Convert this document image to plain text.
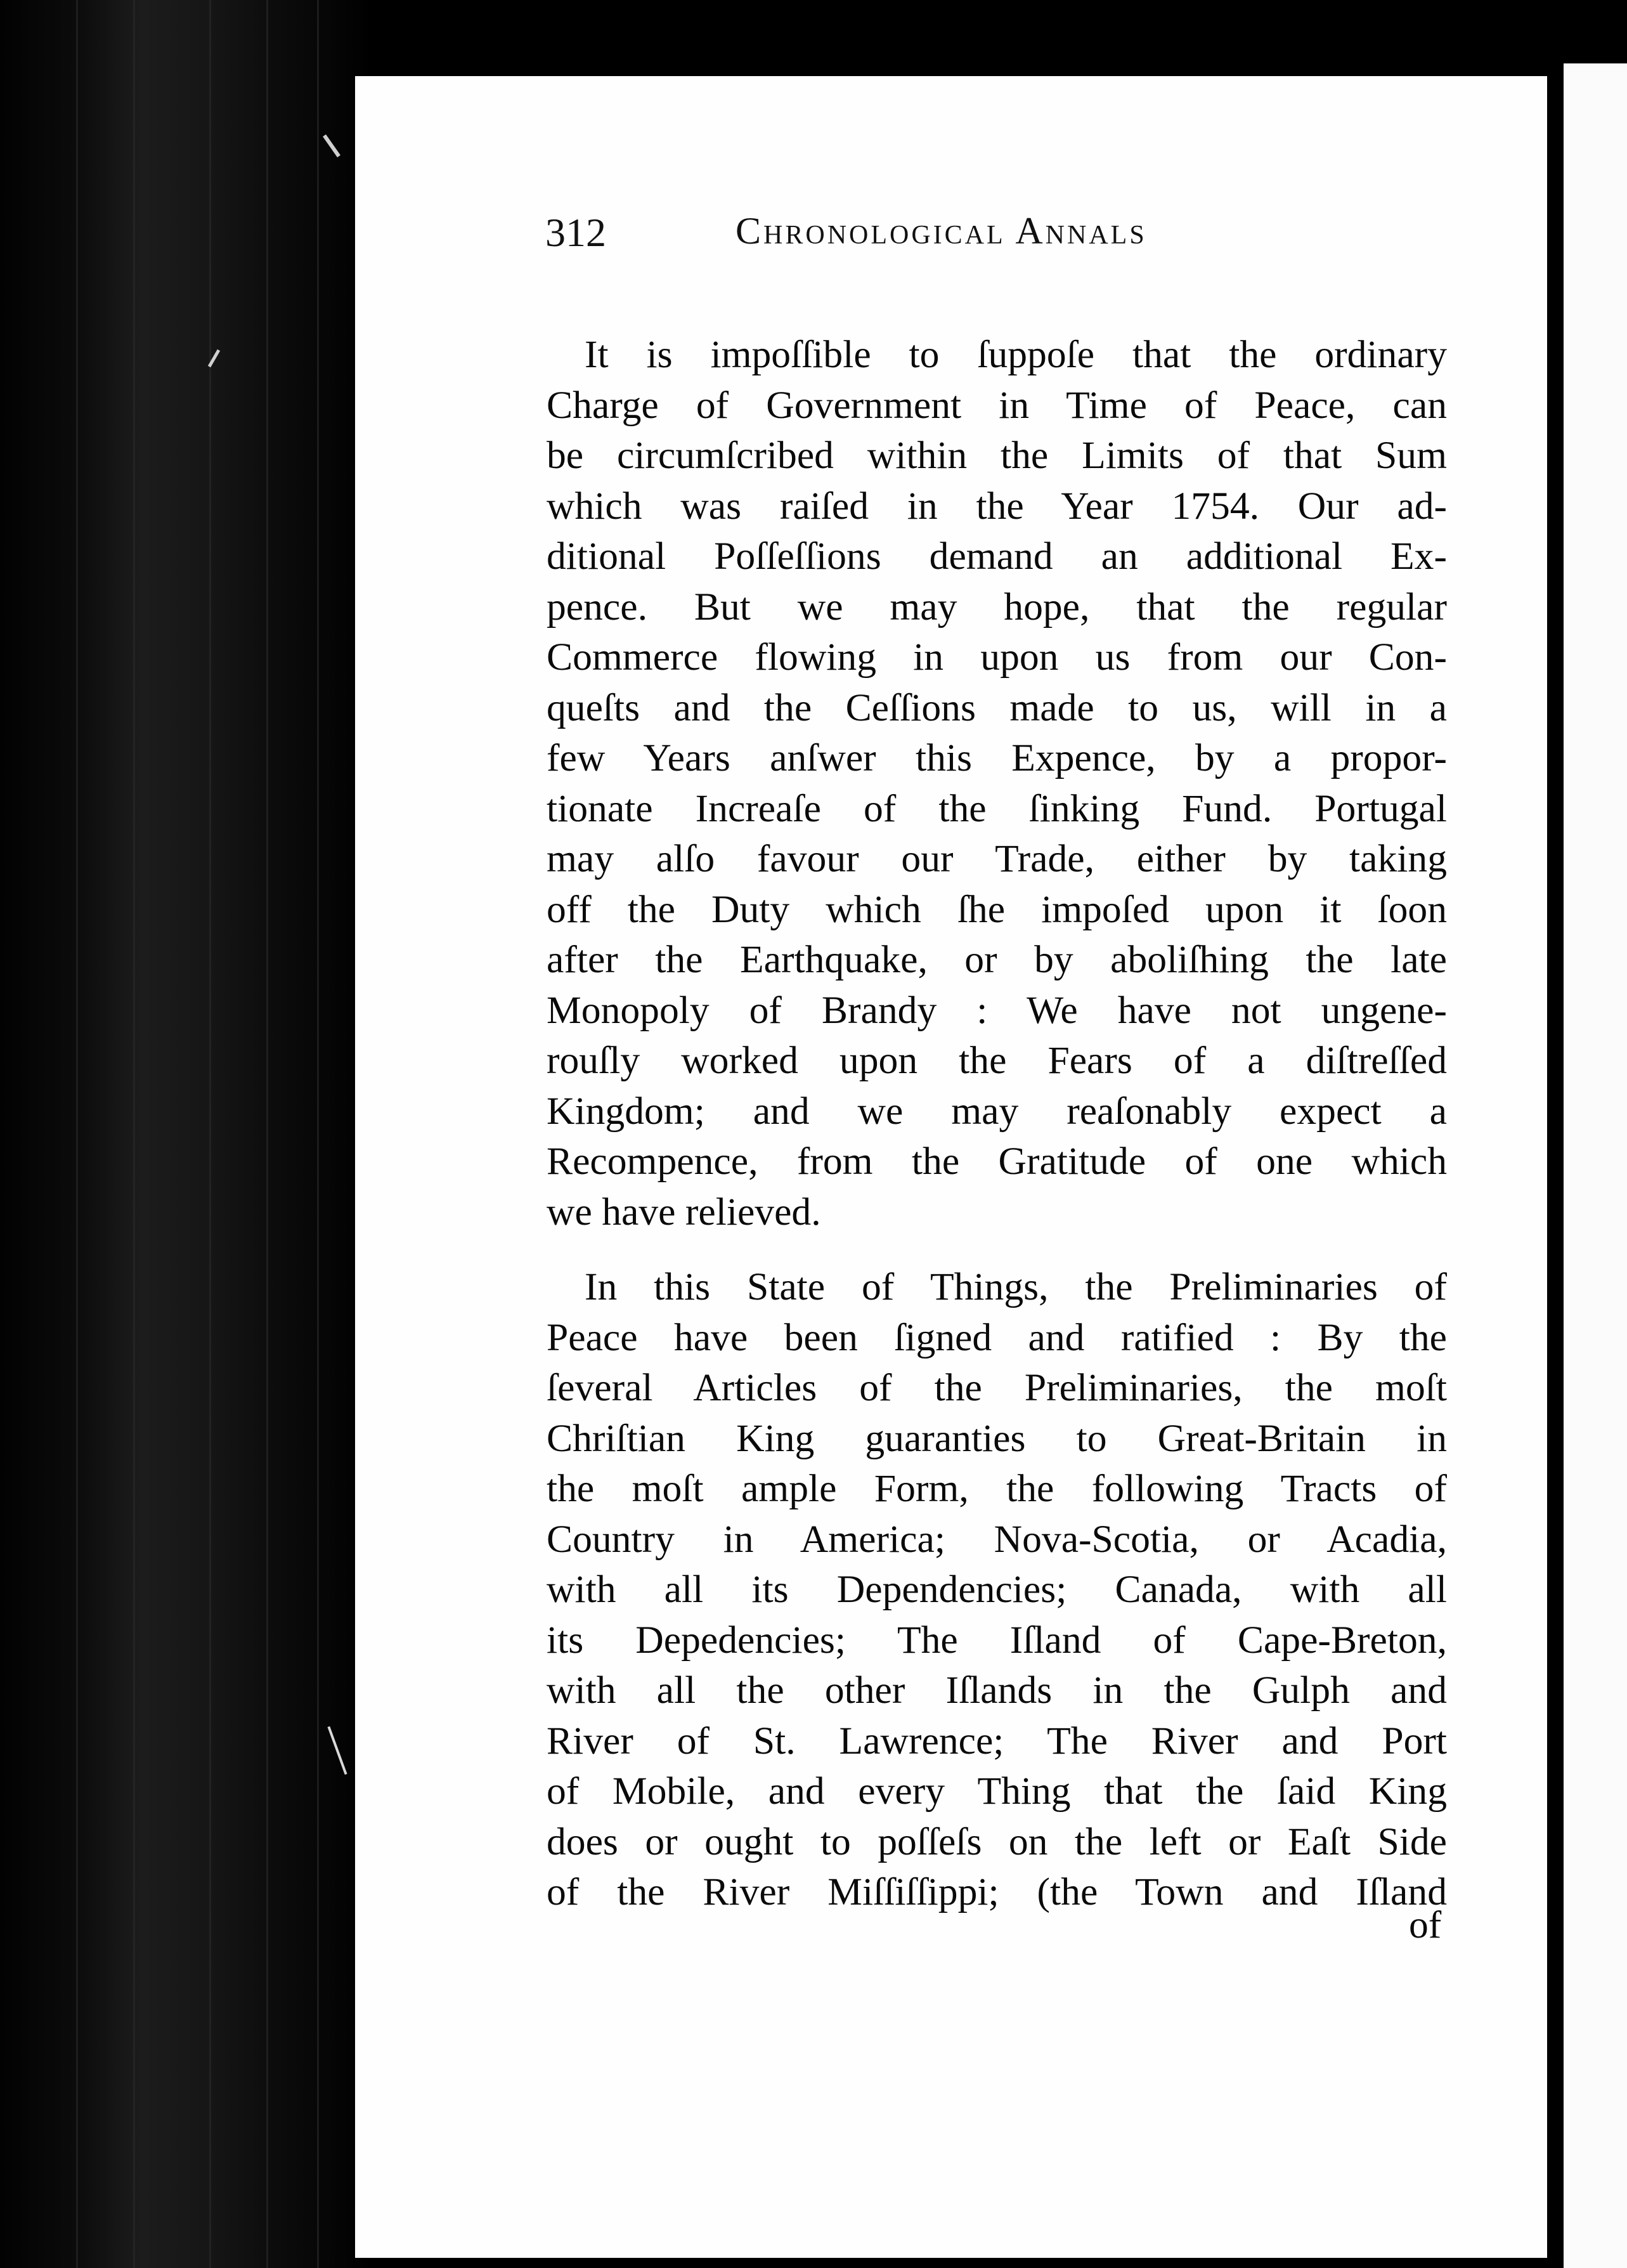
312	Chronological Annals
It is impoſſible to ſuppoſe that the ordinary
Charge of Government in Time of Peace, can
be circumſcribed within the Limits of that Sum
which was raiſed in the Year 1754. Our ad-
ditional Poſſeſſions demand an additional Ex-
pence. But we may hope, that the regular
Commerce flowing in upon us from our Con-
queſts and the Ceſſions made to us, will in a
few Years anſwer this Expence, by a propor-
tionate Increaſe of the ſinking Fund. Portugal
may alſo favour our Trade, either by taking
off the Duty which ſhe impoſed upon it ſoon
after the Earthquake, or by aboliſhing the late
Monopoly of Brandy : We have not ungene-
rouſly worked upon the Fears of a diſtreſſed
Kingdom; and we may reaſonably expect a
Recompence, from the Gratitude of one which
we have relieved.
In this State of Things, the Preliminaries of
Peace have been ſigned and ratified : By the
ſeveral Articles of the Preliminaries, the moſt
Chriſtian King guaranties to Great-Britain in
the moſt ample Form, the following Tracts of
Country in America; Nova-Scotia, or Acadia,
with all its Dependencies; Canada, with all
its Depedencies; The Iſland of Cape-Breton,
with all the other Iſlands in the Gulph and
River of St. Lawrence; The River and Port
of Mobile, and every Thing that the ſaid King
does or ought to poſſeſs on the left or Eaſt Side
of the River Miſſiſſippi; (the Town and Iſland
of
